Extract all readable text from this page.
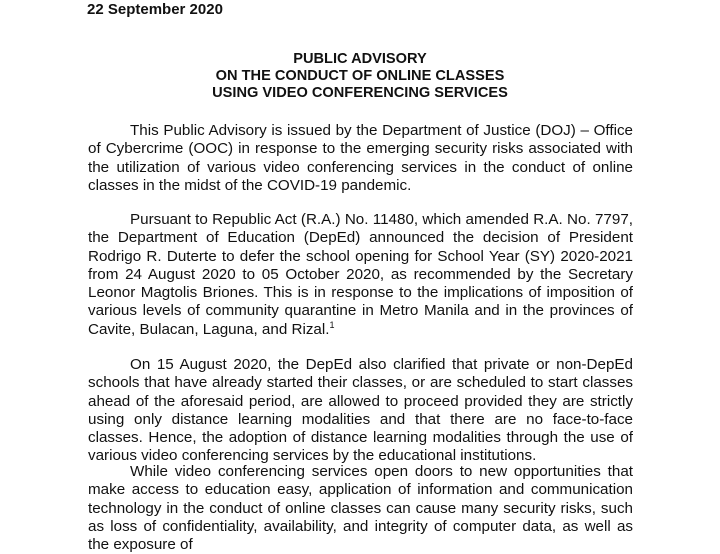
22 September 2020
PUBLIC ADVISORY
ON THE CONDUCT OF ONLINE CLASSES
USING VIDEO CONFERENCING SERVICES

This Public Advisory is issued by the Department of Justice (DOJ) – Office of Cybercrime (OOC) in response to the emerging security risks associated with the utilization of various video conferencing services in the conduct of online classes in the midst of the COVID-19 pandemic.

Pursuant to Republic Act (R.A.) No. 11480, which amended R.A. No. 7797, the Department of Education (DepEd) announced the decision of President Rodrigo R. Duterte to defer the school opening for School Year (SY) 2020-2021 from 24 August 2020 to 05 October 2020, as recommended by the Secretary Leonor Magtolis Briones. This is in response to the implications of imposition of various levels of community quarantine in Metro Manila and in the provinces of Cavite, Bulacan, Laguna, and Rizal.$^1$

On 15 August 2020, the DepEd also clarified that private or non-DepEd schools that have already started their classes, or are scheduled to start classes ahead of the aforesaid period, are allowed to proceed provided they are strictly using only distance learning modalities and that there are no face-to-face classes. Hence, the adoption of distance learning modalities through the use of various video conferencing services by the educational institutions.

While video conferencing services open doors to new opportunities that make access to education easy, application of information and communication technology in the conduct of online classes can cause many security risks, such as loss of confidentiality, availability, and integrity of computer data, as well as the exposure of
